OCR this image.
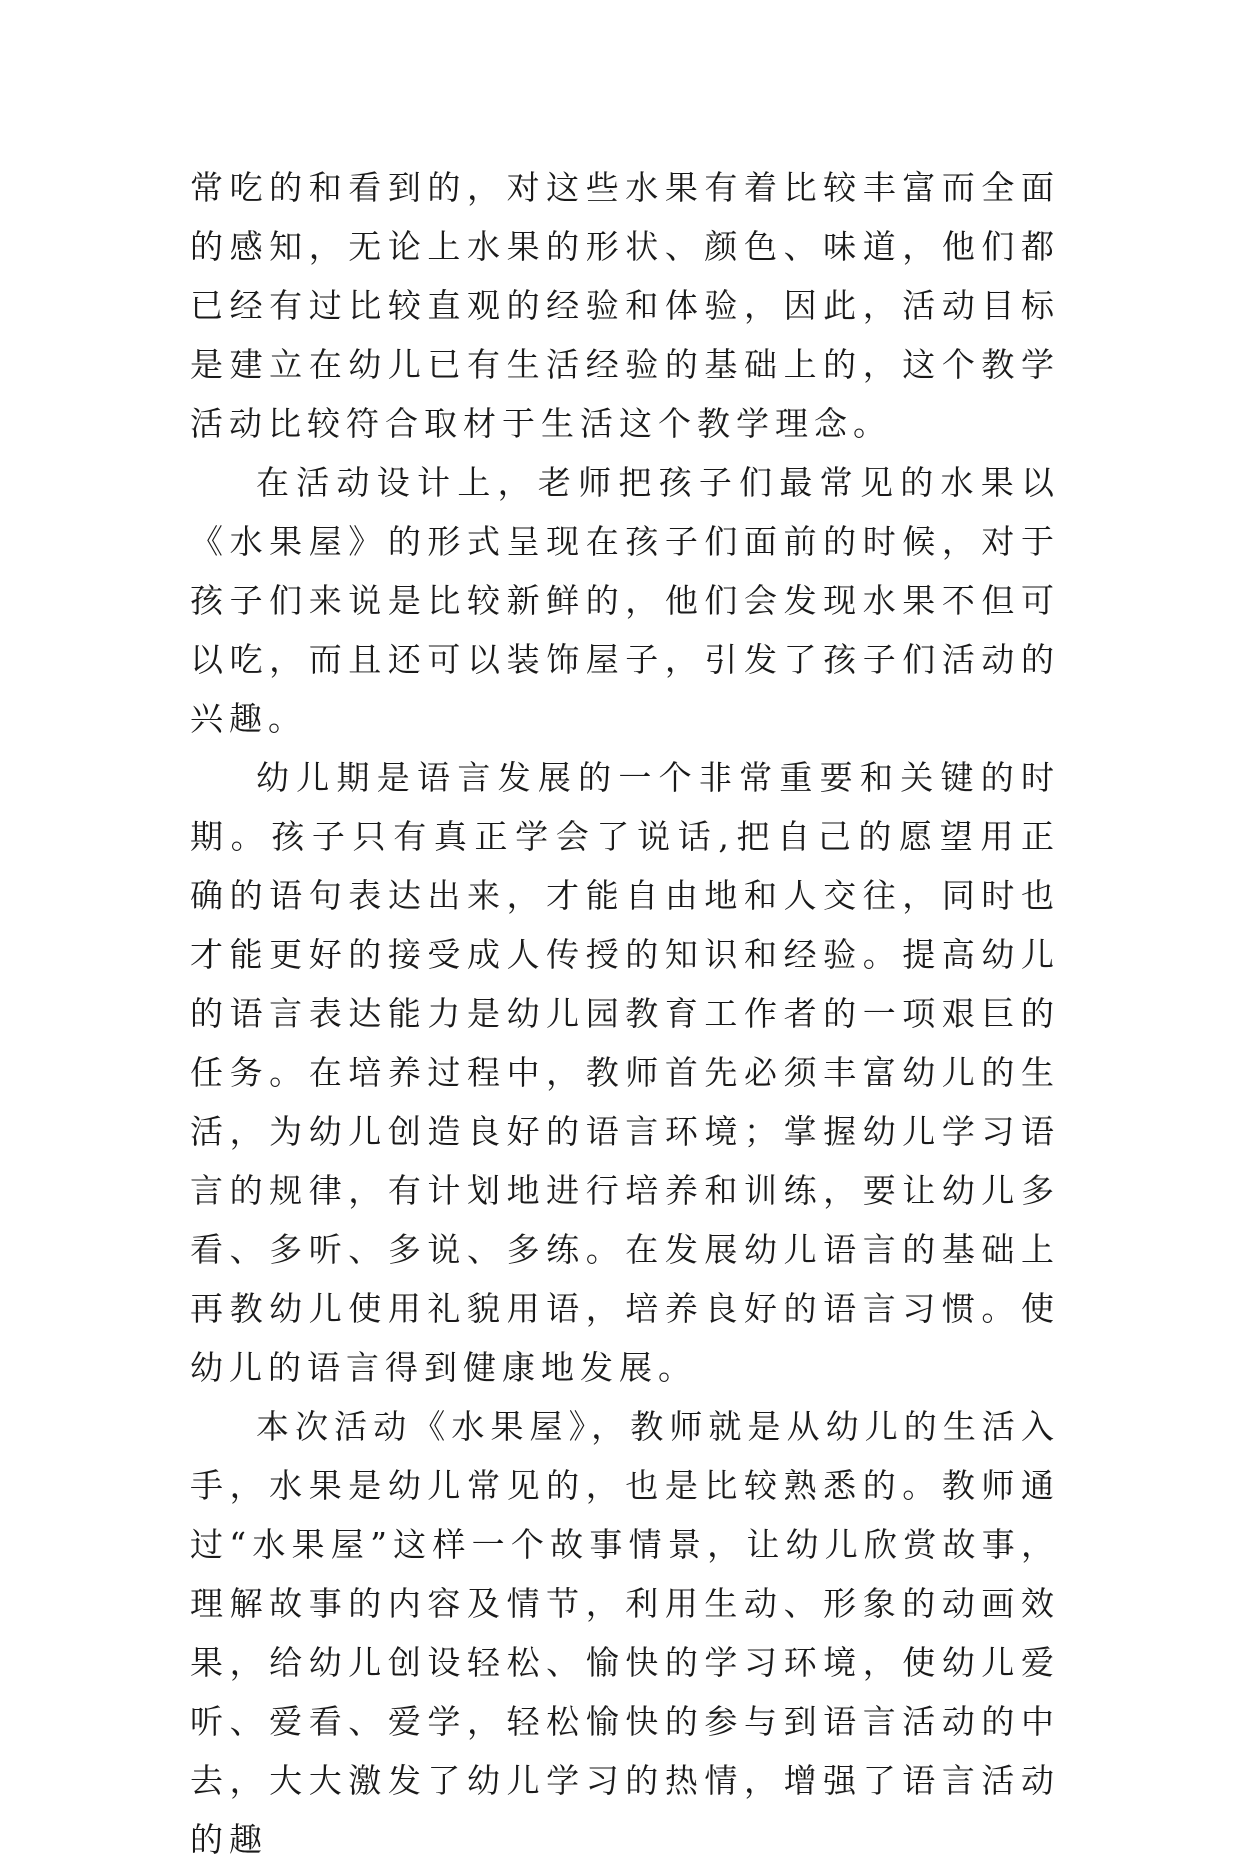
常吃的和看到的，对这些水果有着比较丰富而全面的感知，无论上水果的形状、颜色、味道，他们都已经有过比较直观的经验和体验，因此，活动目标是建立在幼儿已有生活经验的基础上的，这个教学活动比较符合取材于生活这个教学理念。

在活动设计上，老师把孩子们最常见的水果以《水果屋》的形式呈现在孩子们面前的时候，对于孩子们来说是比较新鲜的，他们会发现水果不但可以吃，而且还可以装饰屋子，引发了孩子们活动的兴趣。

幼儿期是语言发展的一个非常重要和关键的时期。孩子只有真正学会了说话,把自己的愿望用正确的语句表达出来，才能自由地和人交往，同时也才能更好的接受成人传授的知识和经验。提高幼儿的语言表达能力是幼儿园教育工作者的一项艰巨的任务。在培养过程中，教师首先必须丰富幼儿的生活，为幼儿创造良好的语言环境；掌握幼儿学习语言的规律，有计划地进行培养和训练，要让幼儿多看、多听、多说、多练。在发展幼儿语言的基础上再教幼儿使用礼貌用语，培养良好的语言习惯。使幼儿的语言得到健康地发展。

本次活动《水果屋》，教师就是从幼儿的生活入手，水果是幼儿常见的，也是比较熟悉的。教师通过“水果屋”这样一个故事情景，让幼儿欣赏故事，理解故事的内容及情节，利用生动、形象的动画效果，给幼儿创设轻松、愉快的学习环境，使幼儿爱听、爱看、爱学，轻松愉快的参与到语言活动的中去，大大激发了幼儿学习的热情，增强了语言活动的趣
